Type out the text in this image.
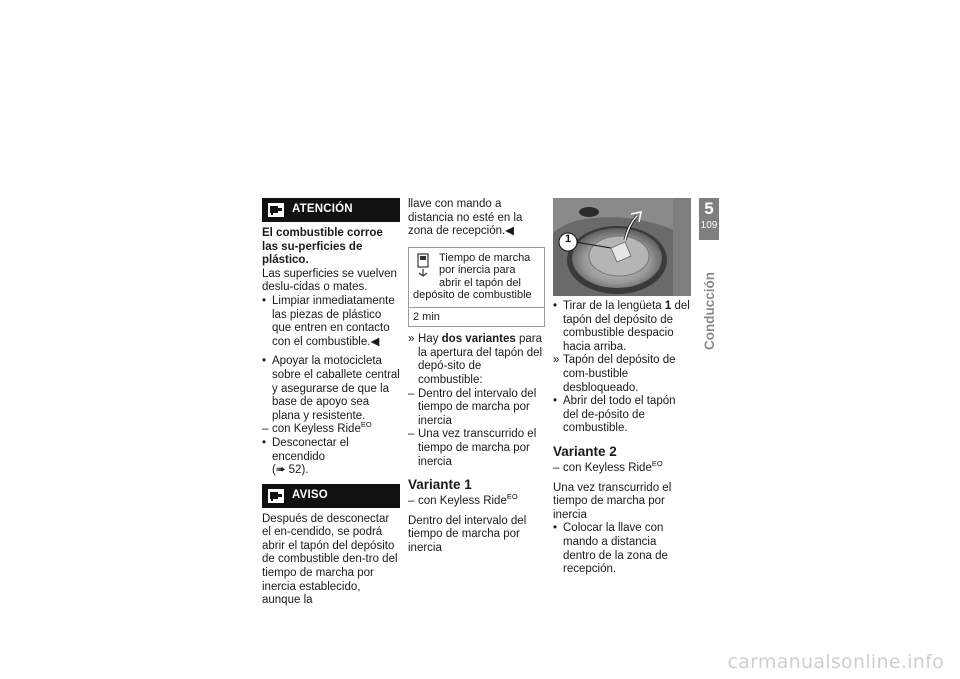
ATENCIÓN

El combustible corroe las su-perficies de plástico.

Las superficies se vuelven deslu-cidas o mates.

• Limpiar inmediatamente las piezas de plástico que entren en contacto con el combustible.◀
• Apoyar la motocicleta sobre el caballete central y asegurarse de que la base de apoyo sea plana y resistente.
– con Keyless Ride$^{EO}$
• Desconectar el encendido
(➠ 52).
AVISO

Después de desconectar el en-cendido, se podrá abrir el tapón del depósito de combustible den-tro del tiempo de marcha por inercia establecido, aunque la

llave con mando a distancia no esté en la zona de recepción.◀

Tiempo de marcha por inercia para abrir el tapón del depósito de combustible
2 min
» Hay dos variantes para la apertura del tapón del depó-sito de combustible:
– Dentro del intervalo del tiempo de marcha por inercia
– Una vez transcurrido el tiempo de marcha por inercia
Variante 1
– con Keyless Ride$^{EO}$

Dentro del intervalo del tiempo de marcha por inercia

1
• Tirar de la lengüeta 1 del tapón del depósito de combustible despacio hacia arriba.
» Tapón del depósito de com-bustible desbloqueado.
• Abrir del todo el tapón del de-pósito de combustible.
Variante 2
– con Keyless Ride$^{EO}$

Una vez transcurrido el tiempo de marcha por inercia

• Colocar la llave con mando a distancia dentro de la zona de recepción.
5
109
Conducción
carmanualsonline.info
